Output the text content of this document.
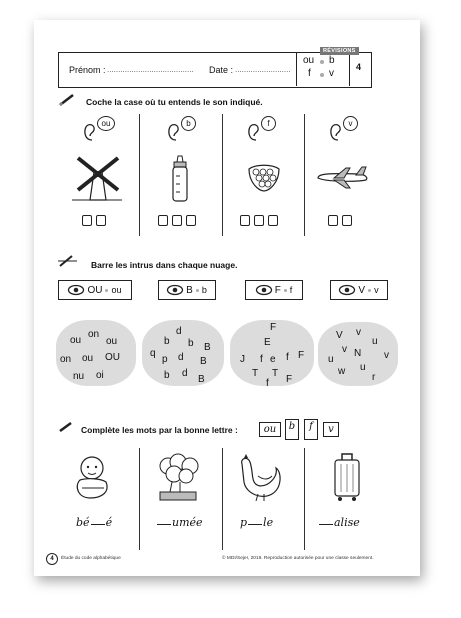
Prénom : ....................................... Date : .........................
ou b
f v
4
RÉVISIONS
Coche la case où tu entends le son indiqué.
ou	b	f	v
Barre les intrus dans chaque nuage.
OU ou	B b	F f	V v
ou
on
ou
on ou OU
nu oi
d
q
b b B
p d B
b d
B
F
E
J f e f F
T T
f F
V
v N
u
v
v
u
w u
r
Complète les mots par la bonne lettre :	ou	b	f	v
bé é	umée	p le	alise
4	Étude du code alphabétique	© MDI/Sejer, 2019. Reproduction autorisée pour une classe seulement.
